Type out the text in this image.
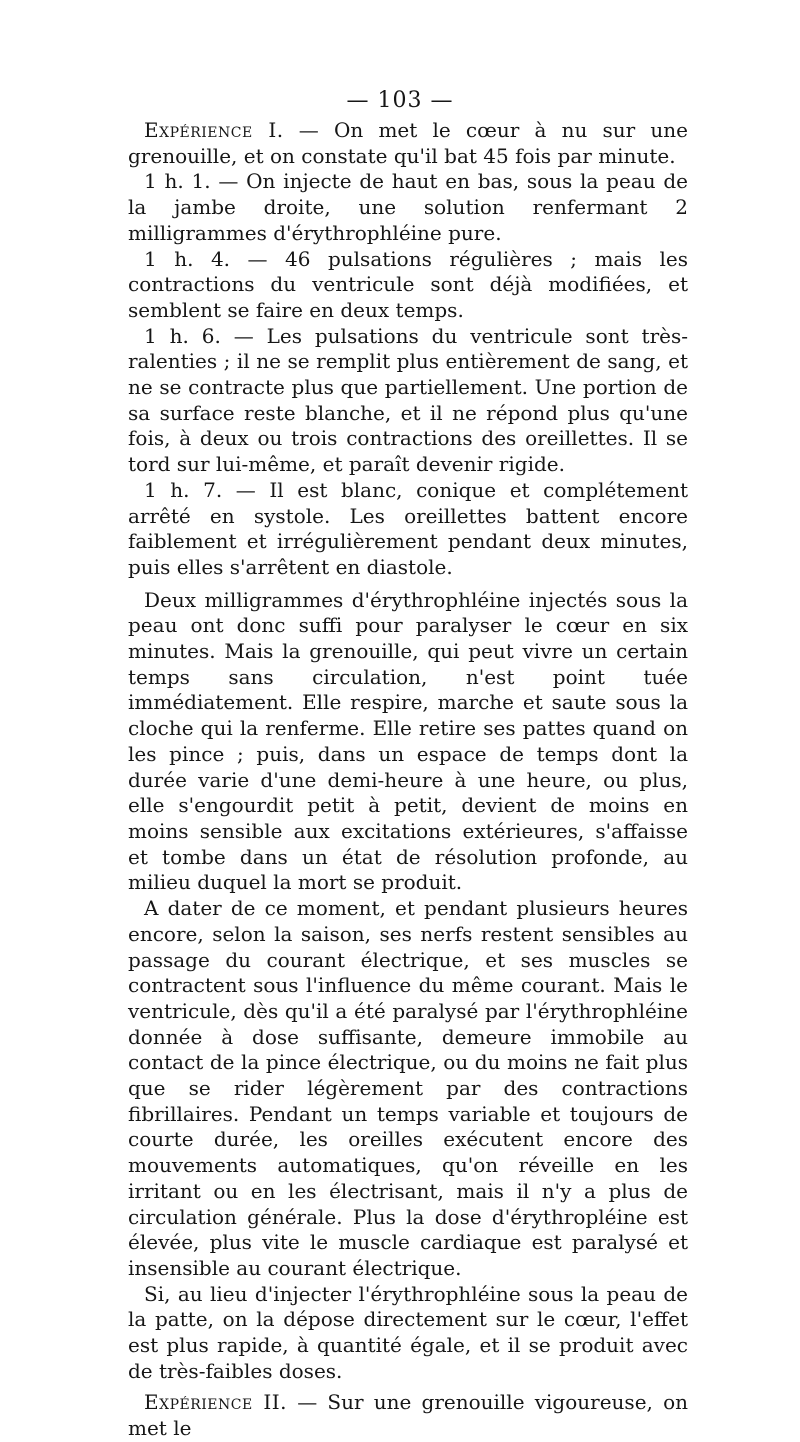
— 103 —

Expérience I. — On met le cœur à nu sur une grenouille, et on constate qu'il bat 45 fois par minute.

1 h. 1. — On injecte de haut en bas, sous la peau de la jambe droite, une solution renfermant 2 milligrammes d'érythrophléine pure.

1 h. 4. — 46 pulsations régulières ; mais les contractions du ventricule sont déjà modifiées, et semblent se faire en deux temps.

1 h. 6. — Les pulsations du ventricule sont très-ralenties ; il ne se remplit plus entièrement de sang, et ne se contracte plus que partiellement. Une portion de sa surface reste blanche, et il ne répond plus qu'une fois, à deux ou trois contractions des oreillettes. Il se tord sur lui-même, et paraît devenir rigide.

1 h. 7. — Il est blanc, conique et complétement arrêté en systole. Les oreillettes battent encore faiblement et irrégulièrement pendant deux minutes, puis elles s'arrêtent en diastole.

Deux milligrammes d'érythrophléine injectés sous la peau ont donc suffi pour paralyser le cœur en six minutes. Mais la grenouille, qui peut vivre un certain temps sans circulation, n'est point tuée immédiatement. Elle respire, marche et saute sous la cloche qui la renferme. Elle retire ses pattes quand on les pince ; puis, dans un espace de temps dont la durée varie d'une demi-heure à une heure, ou plus, elle s'engourdit petit à petit, devient de moins en moins sensible aux excitations extérieures, s'affaisse et tombe dans un état de résolution profonde, au milieu duquel la mort se produit.

A dater de ce moment, et pendant plusieurs heures encore, selon la saison, ses nerfs restent sensibles au passage du courant électrique, et ses muscles se contractent sous l'influence du même courant. Mais le ventricule, dès qu'il a été paralysé par l'érythrophléine donnée à dose suffisante, demeure immobile au contact de la pince électrique, ou du moins ne fait plus que se rider légèrement par des contractions fibrillaires. Pendant un temps variable et toujours de courte durée, les oreilles exécutent encore des mouvements automatiques, qu'on réveille en les irritant ou en les électrisant, mais il n'y a plus de circulation générale. Plus la dose d'érythropléine est élevée, plus vite le muscle cardiaque est paralysé et insensible au courant électrique.

Si, au lieu d'injecter l'érythrophléine sous la peau de la patte, on la dépose directement sur le cœur, l'effet est plus rapide, à quantité égale, et il se produit avec de très-faibles doses.

Expérience II. — Sur une grenouille vigoureuse, on met le
